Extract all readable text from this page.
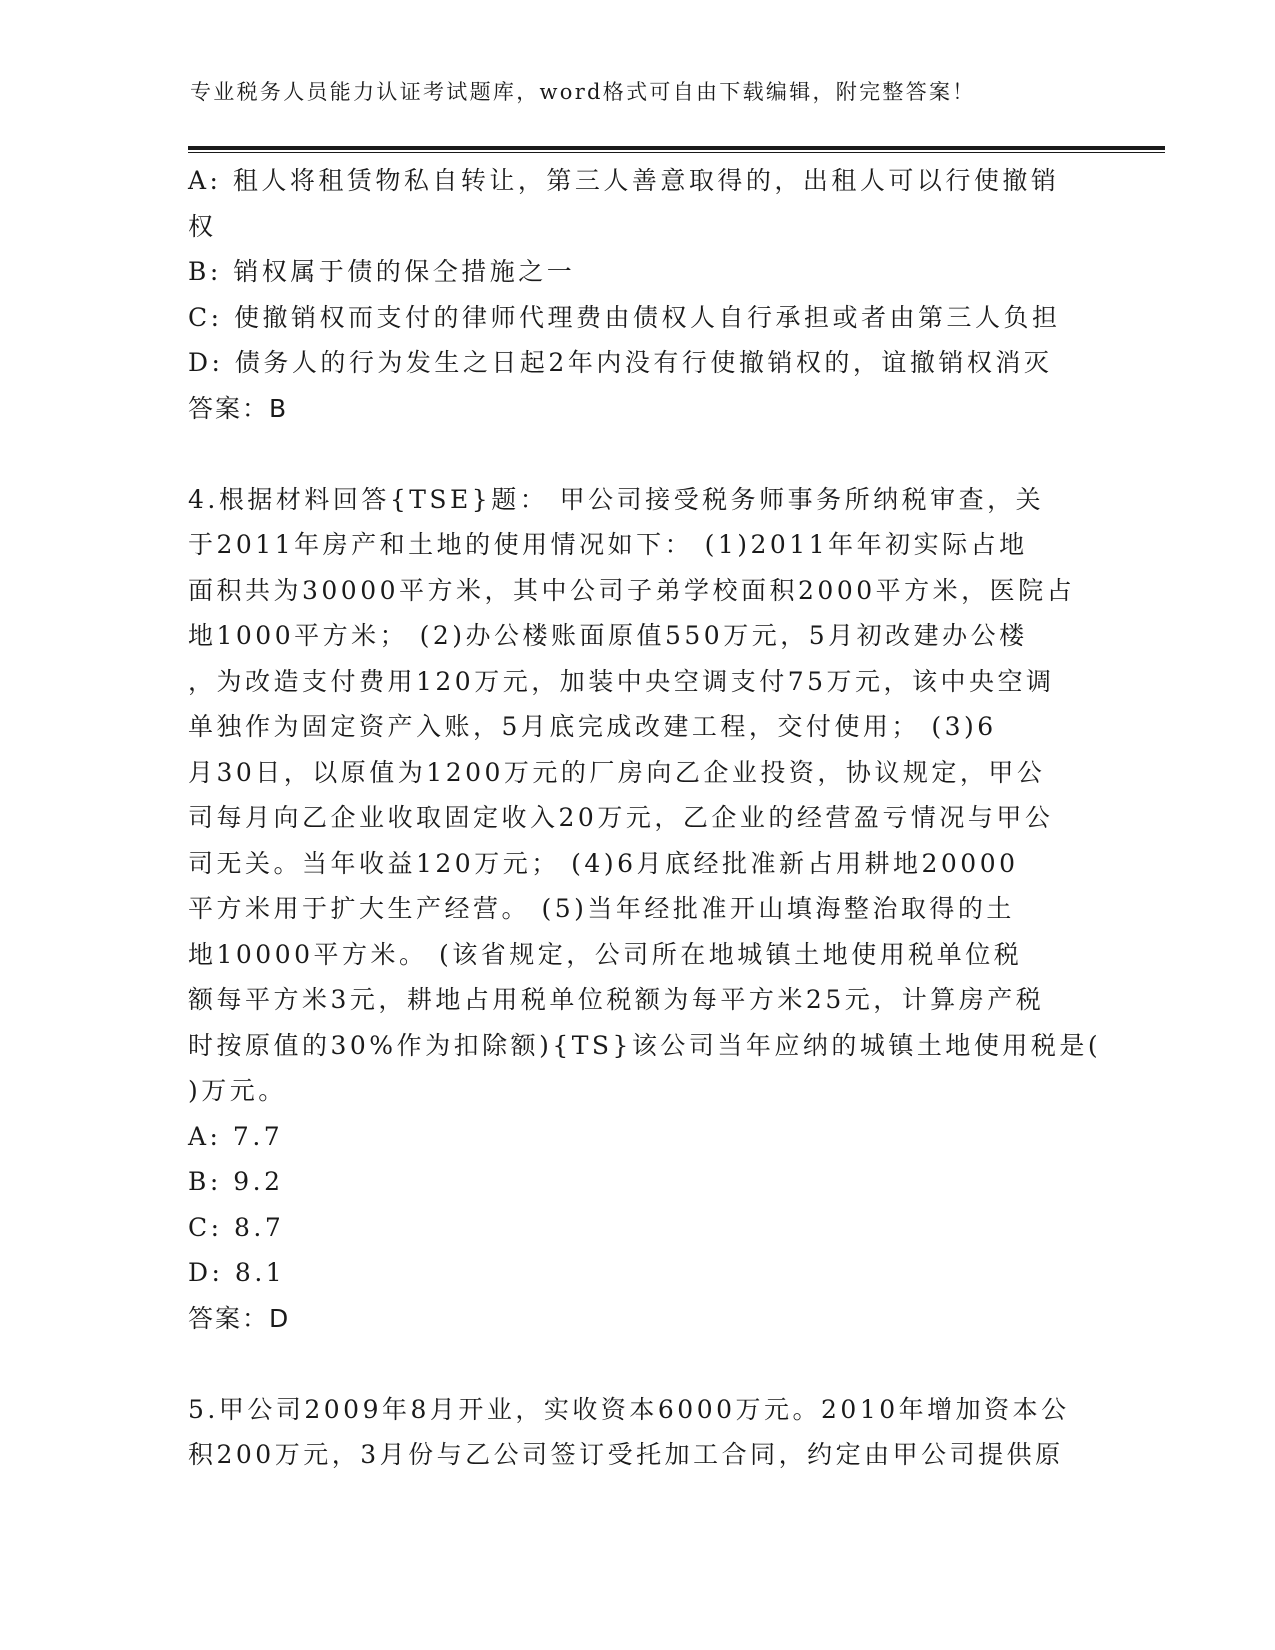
专业税务人员能力认证考试题库，word格式可自由下载编辑，附完整答案！
A: 租人将租赁物私自转让，第三人善意取得的，出租人可以行使撤销
权
B: 销权属于债的保仝措施之一
C: 使撤销权而支付的律师代理费由债权人自行承担或者由第三人负担
D: 债务人的行为发生之日起2年内没有行使撤销权的，谊撤销权消灭
答案：B
4.根据材料回答{TSE}题： 甲公司接受税务师事务所纳税审查，关
于2011年房产和土地的使用情况如下： (1)2011年年初实际占地
面积共为30000平方米，其中公司子弟学校面积2000平方米，医院占
地1000平方米； (2)办公楼账面原值550万元，5月初改建办公楼
，为改造支付费用120万元，加装中央空调支付75万元，该中央空调
单独作为固定资产入账，5月底完成改建工程，交付使用； (3)6
月30日，以原值为1200万元的厂房向乙企业投资，协议规定，甲公
司每月向乙企业收取固定收入20万元，乙企业的经营盈亏情况与甲公
司无关。当年收益120万元； (4)6月底经批准新占用耕地20000
平方米用于扩大生产经营。 (5)当年经批准开山填海整治取得的土
地10000平方米。 (该省规定，公司所在地城镇土地使用税单位税
额每平方米3元，耕地占用税单位税额为每平方米25元，计算房产税
时按原值的30%作为扣除额){TS}该公司当年应纳的城镇土地使用税是(
)万元。
A: 7.7
B: 9.2
C: 8.7
D: 8.1
答案：D
5.甲公司2009年8月开业，实收资本6000万元。2010年增加资本公
积200万元，3月份与乙公司签订受托加工合同，约定由甲公司提供原
